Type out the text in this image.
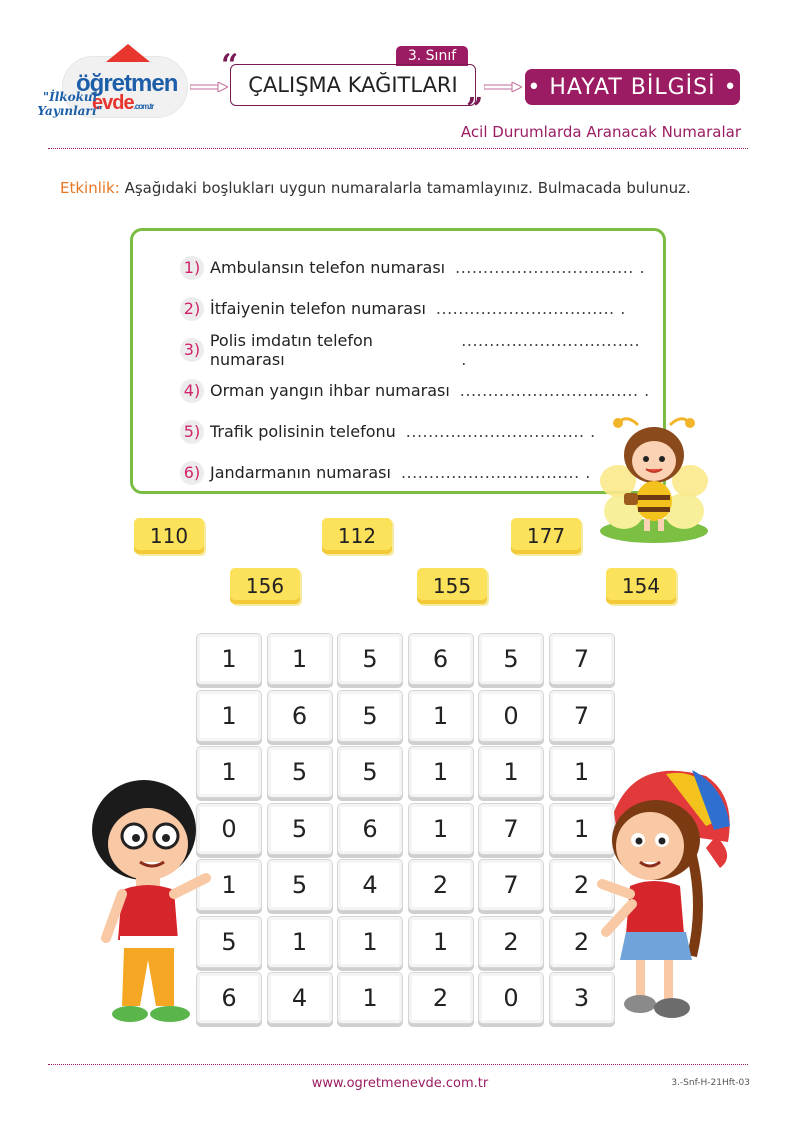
öğretmen
evde.com.tr
"İlkokul Yayınları"
3. Sınıf
“
ÇALIŞMA KAĞITLARI
”
• HAYAT BİLGİSİ •
Acil Durumlarda Aranacak Numaralar
Etkinlik: Aşağıdaki boşlukları uygun numaralarla tamamlayınız. Bulmacada bulunuz.
1) Ambulansın telefon numarası ................................ .
2) İtfaiyenin telefon numarası ................................ .
3) Polis imdatın telefon numarası
................................ .
4) Orman yangın ihbar numarası ................................ .
5) Trafik polisinin telefonu ................................ .
6) Jandarmanın numarası ................................ .
110	112	177
156	155	154
1	1	5	6	5	7
1	6	5	1	0	7
1	5	5	1	1	1
0	5	6	1	7	1
1	5	4	2	7	2
5	1	1	1	2	2
6	4	1	2	0	3
www.ogretmenevde.com.tr	3.-Snf-H-21Hft-03
